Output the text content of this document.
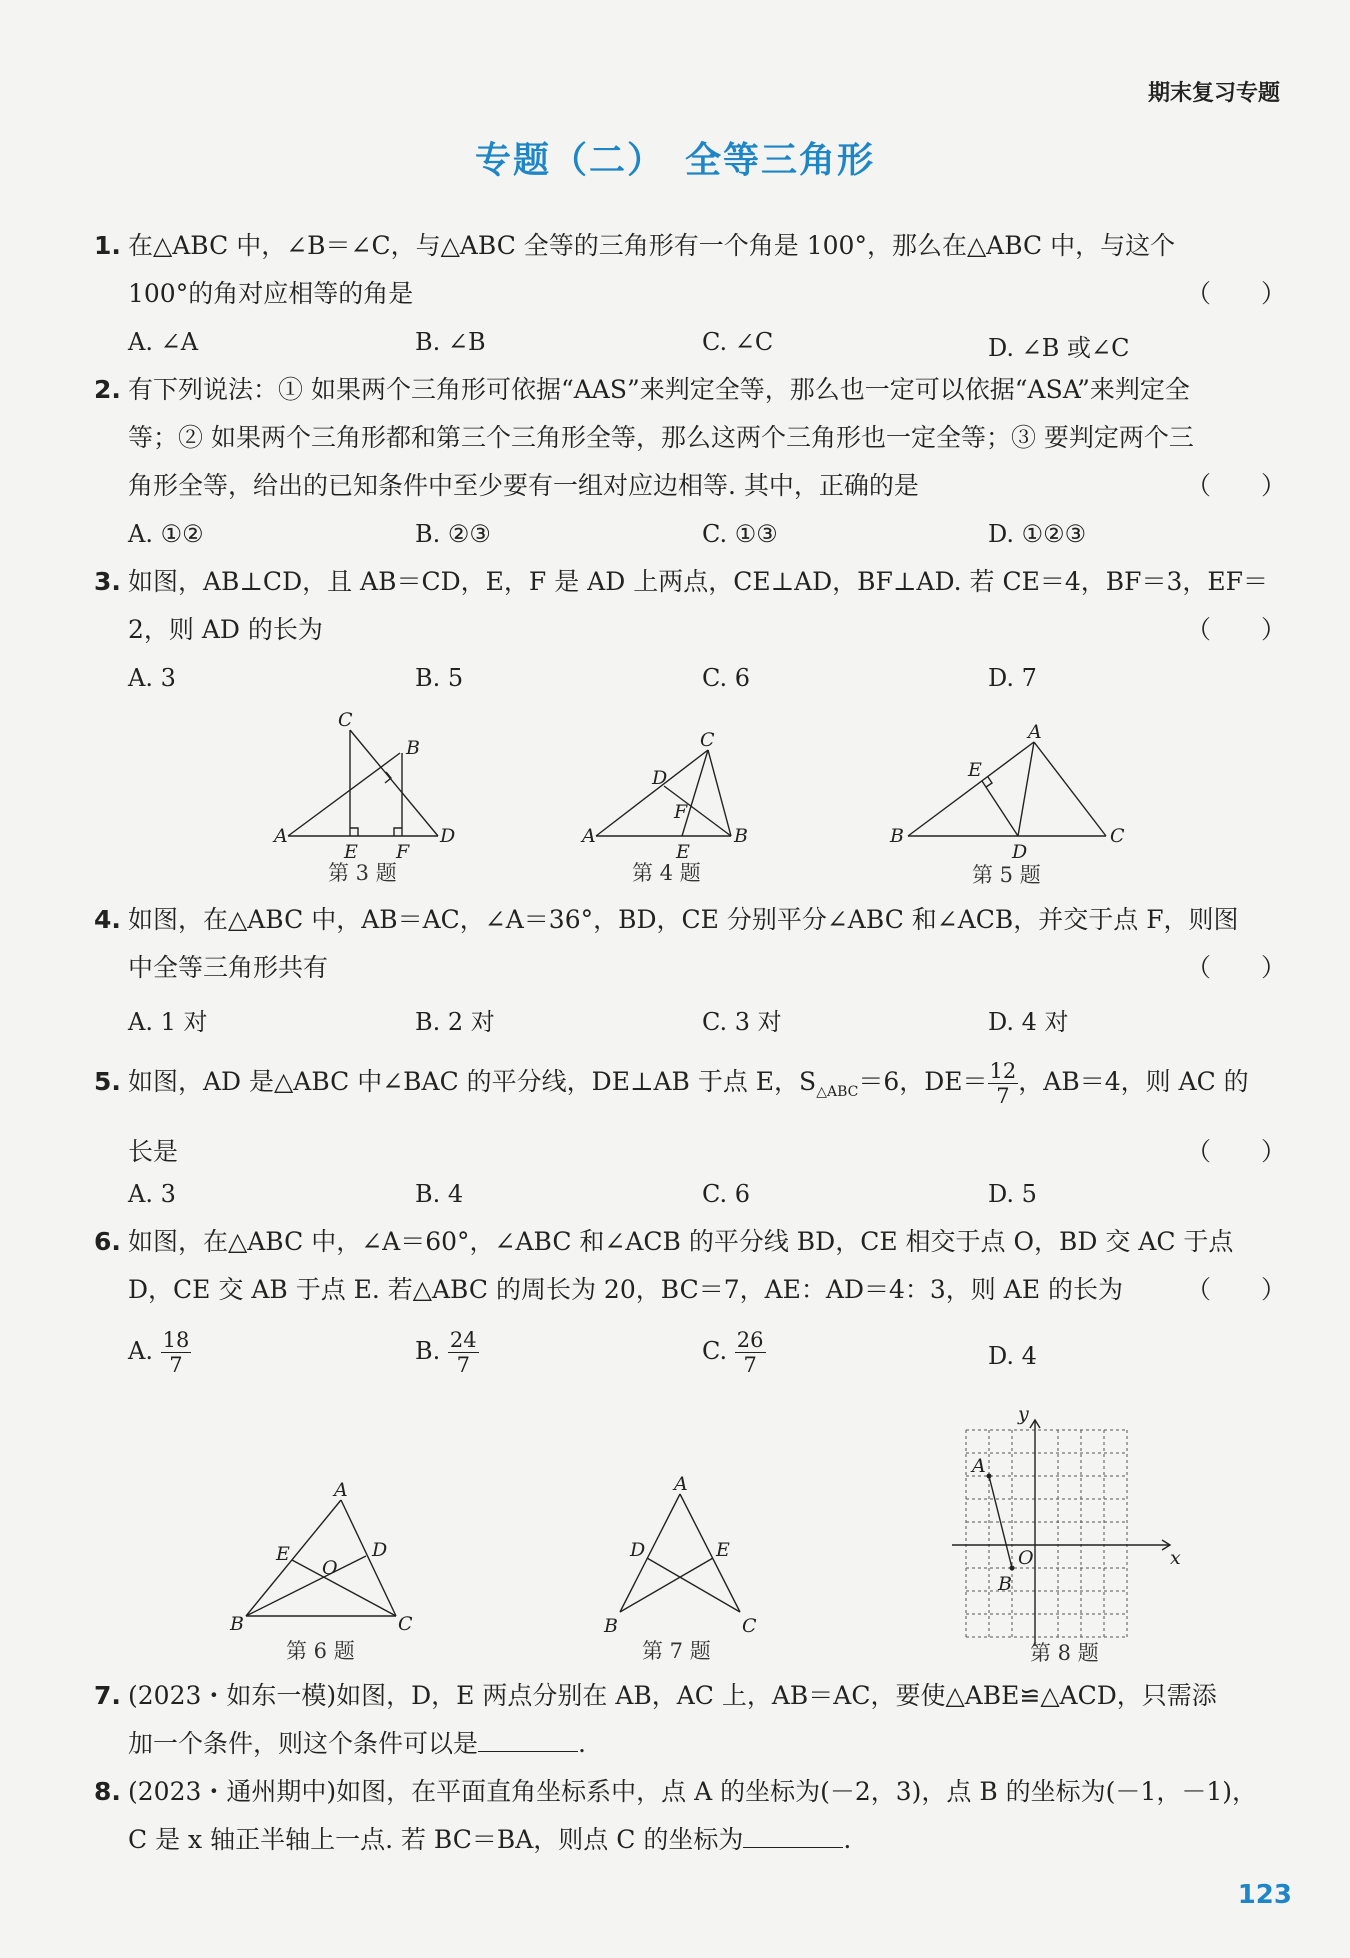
期末复习专题
专题（二）　全等三角形
1. 在△ABC 中，∠B＝∠C，与△ABC 全等的三角形有一个角是 100°，那么在△ABC 中，与这个
100°的角对应相等的角是	（　　）
A. ∠A	B. ∠B	C. ∠C	D. ∠B 或∠C
2. 有下列说法：① 如果两个三角形可依据“AAS”来判定全等，那么也一定可以依据“ASA”来判定全
等；② 如果两个三角形都和第三个三角形全等，那么这两个三角形也一定全等；③ 要判定两个三
角形全等，给出的已知条件中至少要有一组对应边相等. 其中，正确的是	（　　）
A. ①②	B. ②③	C. ①③	D. ①②③
3. 如图，AB⊥CD，且 AB＝CD，E，F 是 AD 上两点，CE⊥AD，BF⊥AD. 若 CE＝4，BF＝3，EF＝
2，则 AD 的长为	（　　）
A. 3	B. 5	C. 6	D. 7
C
B
A
E F
D
第 3 题
C
D
F
A
E
B
第 4 题
A
E
B
D
C
第 5 题
4. 如图，在△ABC 中，AB＝AC，∠A＝36°，BD，CE 分别平分∠ABC 和∠ACB，并交于点 F，则图
中全等三角形共有	（　　）
A. 1 对	B. 2 对	C. 3 对	D. 4 对
5. 如图，AD 是△ABC 中∠BAC 的平分线，DE⊥AB 于点 E，$S_{\triangle ABC}=6$，$DE= \frac{12}{7}$ ，AB＝4，则 AC 的
长是	（　　）
A. 3	B. 4	C. 6	D. 5
6. 如图，在△ABC 中，∠A＝60°，∠ABC 和∠ACB 的平分线 BD，CE 相交于点 O，BD 交 AC 于点
D，CE 交 AB 于点 E. 若△ABC 的周长为 20，BC＝7，AE：AD＝4：3，则 AE 的长为	（　　）
A. $\frac{18}{7}$	B. $\frac{24}{7}$	C. $\frac{26}{7}$	D. 4
A
E
O
D
B	C
第 6 题
A
D	E
B	C
第 7 题
y
A
O	x
B
第 8 题
7. (2023・如东一模)如图，D，E 两点分别在 AB，AC 上，AB＝AC，要使△ABE≌△ACD，只需添
加一个条件，则这个条件可以是	.
8. (2023・通州期中)如图，在平面直角坐标系中，点 A 的坐标为(－2，3)，点 B 的坐标为(－1，－1)，
C 是 x 轴正半轴上一点. 若 BC＝BA，则点 C 的坐标为	.
123
